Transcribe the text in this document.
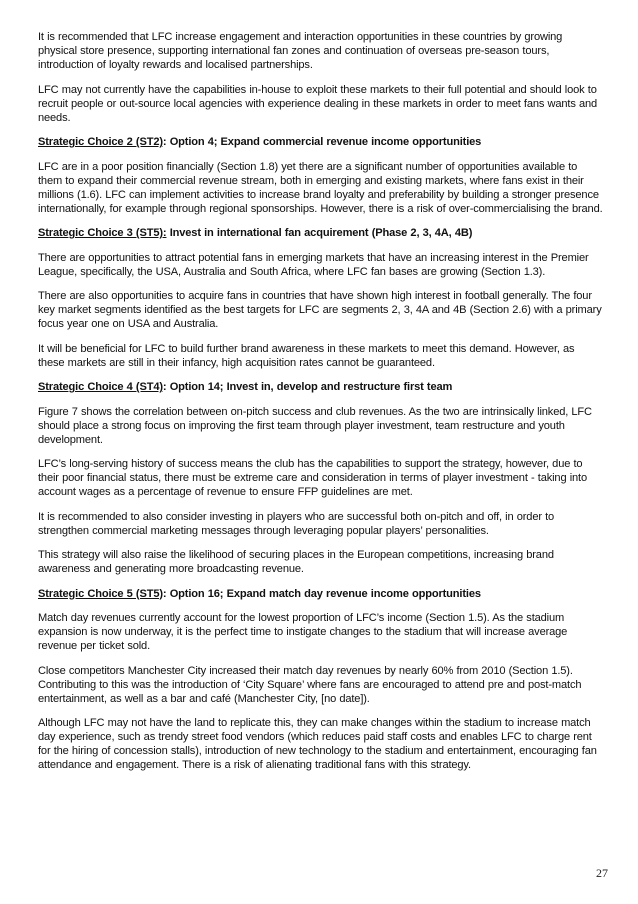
It is recommended that LFC increase engagement and interaction opportunities in these countries by growing physical store presence, supporting international fan zones and continuation of overseas pre-season tours, introduction of loyalty rewards and localised partnerships.

LFC may not currently have the capabilities in-house to exploit these markets to their full potential and should look to recruit people or out-source local agencies with experience dealing in these markets in order to meet fans wants and needs.

Strategic Choice 2 (ST2): Option 4; Expand commercial revenue income opportunities

LFC are in a poor position financially (Section 1.8) yet there are a significant number of opportunities available to them to expand their commercial revenue stream, both in emerging and existing markets, where fans exist in their millions (1.6). LFC can implement activities to increase brand loyalty and preferability by building a stronger presence internationally, for example through regional sponsorships. However, there is a risk of over-commercialising the brand.

Strategic Choice 3 (ST5): Invest in international fan acquirement (Phase 2, 3, 4A, 4B)

There are opportunities to attract potential fans in emerging markets that have an increasing interest in the Premier League, specifically, the USA, Australia and South Africa, where LFC fan bases are growing (Section 1.3).

There are also opportunities to acquire fans in countries that have shown high interest in football generally. The four key market segments identified as the best targets for LFC are segments 2, 3, 4A and 4B (Section 2.6) with a primary focus year one on USA and Australia.

It will be beneficial for LFC to build further brand awareness in these markets to meet this demand. However, as these markets are still in their infancy, high acquisition rates cannot be guaranteed.

Strategic Choice 4 (ST4): Option 14; Invest in, develop and restructure first team

Figure 7 shows the correlation between on-pitch success and club revenues. As the two are intrinsically linked, LFC should place a strong focus on improving the first team through player investment, team restructure and youth development.

LFC’s long-serving history of success means the club has the capabilities to support the strategy, however, due to their poor financial status, there must be extreme care and consideration in terms of player investment - taking into account wages as a percentage of revenue to ensure FFP guidelines are met.

It is recommended to also consider investing in players who are successful both on-pitch and off, in order to strengthen commercial marketing messages through leveraging popular players’ personalities.

This strategy will also raise the likelihood of securing places in the European competitions, increasing brand awareness and generating more broadcasting revenue.

Strategic Choice 5 (ST5): Option 16; Expand match day revenue income opportunities

Match day revenues currently account for the lowest proportion of LFC’s income (Section 1.5). As the stadium expansion is now underway, it is the perfect time to instigate changes to the stadium that will increase average revenue per ticket sold.

Close competitors Manchester City increased their match day revenues by nearly 60% from 2010 (Section 1.5). Contributing to this was the introduction of ‘City Square’ where fans are encouraged to attend pre and post-match entertainment, as well as a bar and café (Manchester City, [no date]).

Although LFC may not have the land to replicate this, they can make changes within the stadium to increase match day experience, such as trendy street food vendors (which reduces paid staff costs and enables LFC to charge rent for the hiring of concession stalls), introduction of new technology to the stadium and entertainment, encouraging fan attendance and engagement. There is a risk of alienating traditional fans with this strategy.

27
